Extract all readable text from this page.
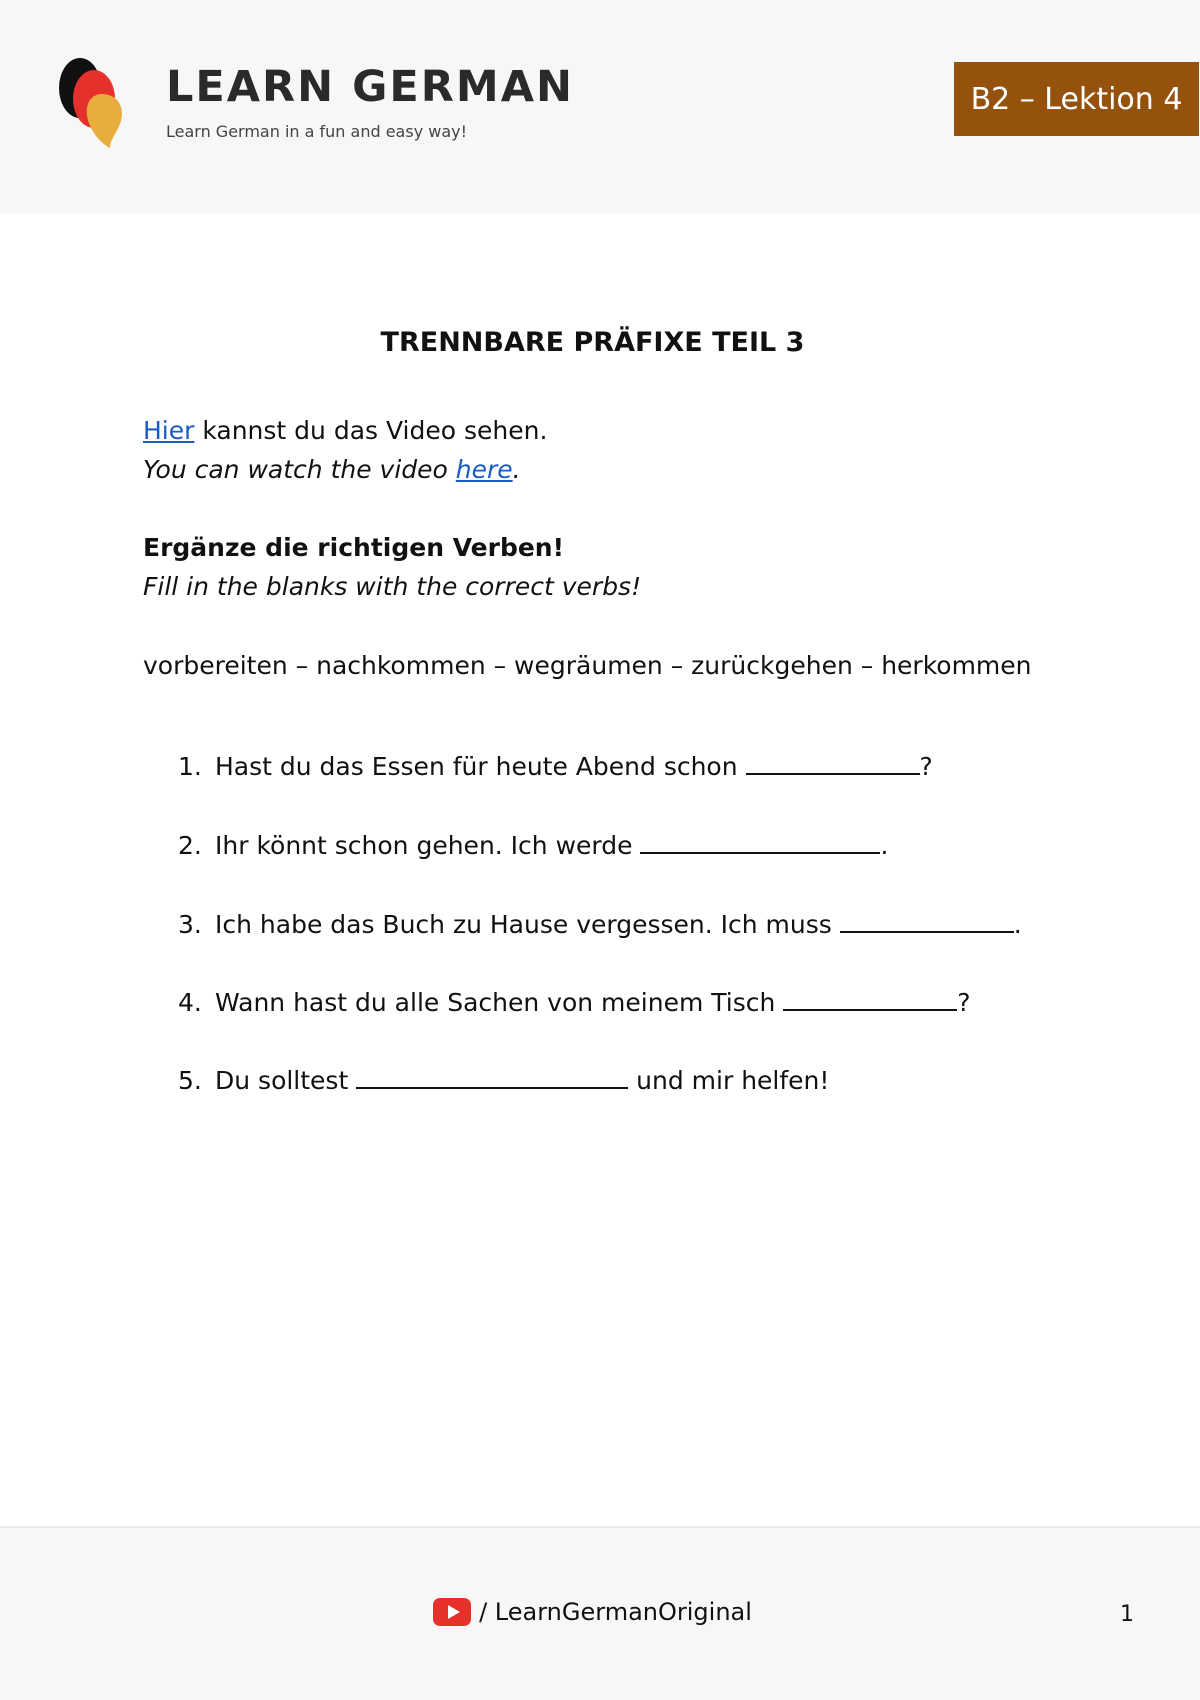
LEARN GERMAN
Learn German in a fun and easy way!
B2 – Lektion 4
TRENNBARE PRÄFIXE TEIL 3
Hier kannst du das Video sehen.
You can watch the video here.
Ergänze die richtigen Verben!
Fill in the blanks with the correct verbs!
vorbereiten – nachkommen – wegräumen – zurückgehen – herkommen
1. Hast du das Essen für heute Abend schon	?
2. Ihr könnt schon gehen. Ich werde	.
3. Ich habe das Buch zu Hause vergessen. Ich muss	.
4. Wann hast du alle Sachen von meinem Tisch	?
5. Du solltest	und mir helfen!
/ LearnGermanOriginal	1
